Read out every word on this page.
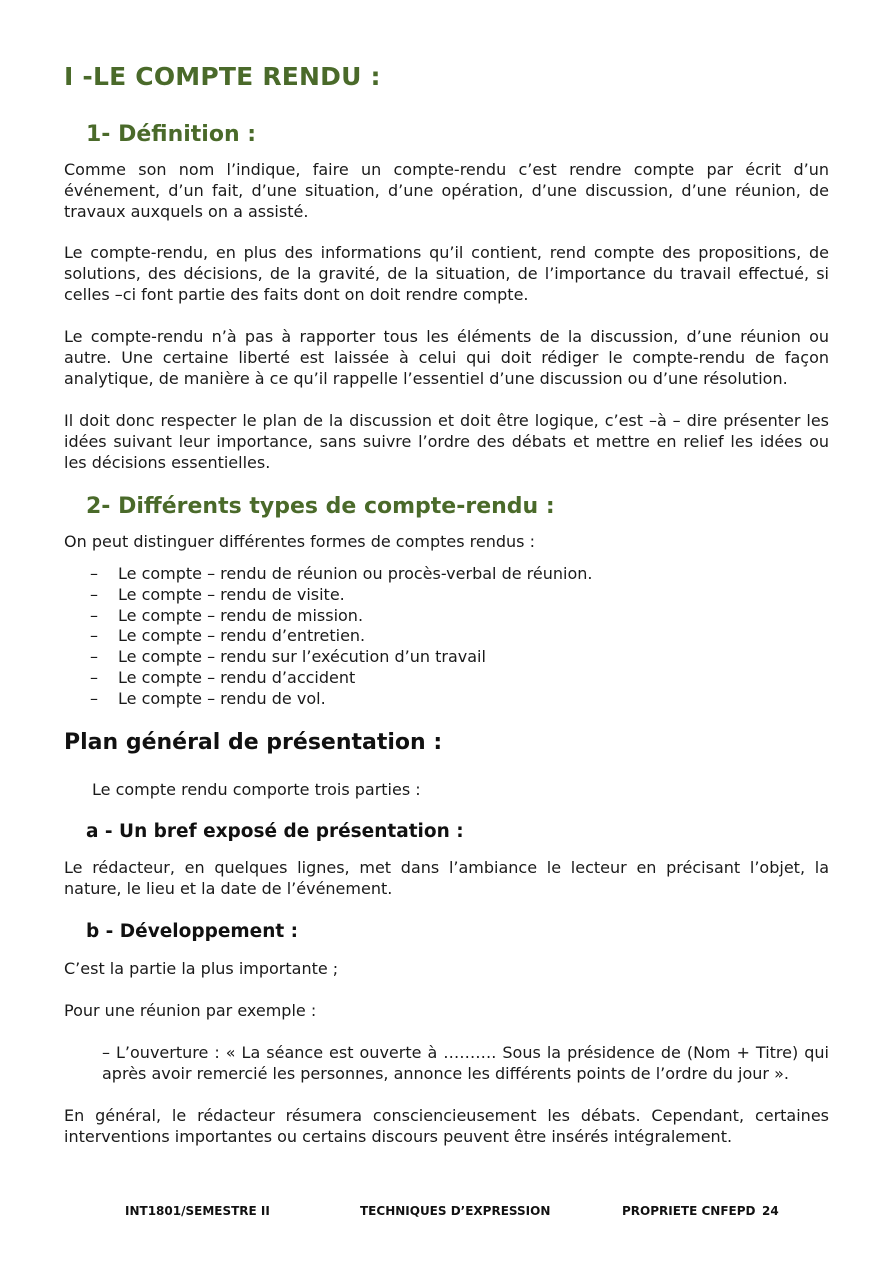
I -LE COMPTE RENDU :
1- Définition :

Comme son nom l’indique, faire un compte-rendu c’est rendre compte par écrit d’un événement, d’un fait, d’une situation, d’une opération, d’une discussion, d’une réunion, de travaux auxquels on a assisté.

Le compte-rendu, en plus des informations qu’il contient, rend compte des propositions, de solutions, des décisions, de la gravité, de la situation, de l’importance du travail effectué, si celles –ci font partie des faits dont on doit rendre compte.

Le compte-rendu n’à pas à rapporter tous les éléments de la discussion, d’une réunion ou autre. Une certaine liberté est laissée à celui qui doit rédiger le compte-rendu de façon analytique, de manière à ce qu’il rappelle l’essentiel d’une discussion ou d’une résolution.

Il doit donc respecter le plan de la discussion et doit être logique, c’est –à – dire présenter les idées suivant leur importance, sans suivre l’ordre des débats et mettre en relief les idées ou les décisions essentielles.

2- Différents types de compte-rendu :
On peut distinguer différentes formes de comptes rendus :
–	Le compte – rendu de réunion ou procès-verbal de réunion.
–	Le compte – rendu de visite.
–	Le compte – rendu de mission.
–	Le compte – rendu d’entretien.
–	Le compte – rendu sur l’exécution d’un travail
–	Le compte – rendu d’accident
–	Le compte – rendu de vol.
Plan général de présentation :
Le compte rendu comporte trois parties :
a - Un bref exposé de présentation :

Le rédacteur, en quelques lignes, met dans l’ambiance le lecteur en précisant l’objet, la nature, le lieu et la date de l’événement.

b - Développement :
C’est la partie la plus importante ;
Pour une réunion par exemple :

– L’ouverture : « La séance est ouverte à ………. Sous la présidence de (Nom + Titre) qui après avoir remercié les personnes, annonce les différents points de l’ordre du jour ».

En général, le rédacteur résumera consciencieusement les débats. Cependant, certaines interventions importantes ou certains discours peuvent être insérés intégralement.

INT1801/SEMESTRE II	TECHNIQUES D’EXPRESSION	PROPRIETE CNFEPD 24
